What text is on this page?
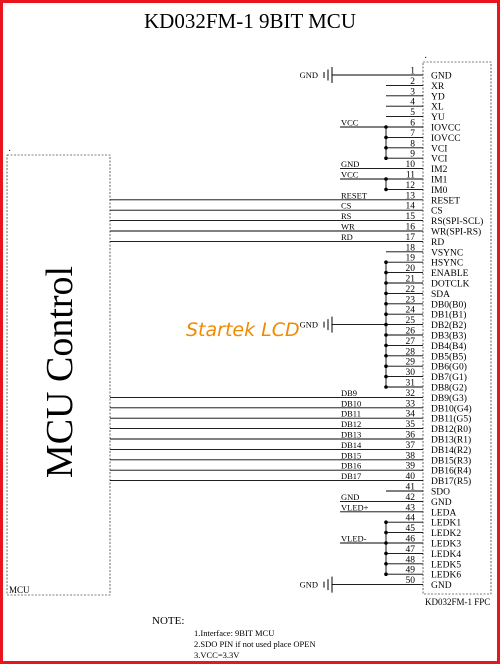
KD032FM-1 9BIT MCU
·
MCU Control
MCU
·
KD032FM-1 FPC
1 GND
2 XR
3 YD
4 XL
5 YU
6 IOVCC
7 IOVCC
8 VCI
9 VCI
10 IM2
11 IM1
12 IM0
13 RESET
14 CS
15 RS(SPI-SCL)
16 WR(SPI-RS)
17 RD
18 VSYNC
19 HSYNC
20 ENABLE
21 DOTCLK
22 SDA
23 DB0(B0)
24 DB1(B1)
25 DB2(B2)
26 DB3(B3)
27 DB4(B4)
28 DB5(B5)
29 DB6(G0)
30 DB7(G1)
31 DB8(G2)
32 DB9(G3)
33 DB10(G4)
34 DB11(G5)
35 DB12(R0)
36 DB13(R1)
37 DB14(R2)
38 DB15(R3)
39 DB16(R4)
40 DB17(R5)
41 SDO
42 GND
43 LEDA
44 LEDK1
45 LEDK2
46 LEDK3
47 LEDK4
48 LEDK5
49 LEDK6
50 GND
RESET
CS
RS
WR
RD
DB9
DB10
DB11
DB12
DB13
DB14
DB15
DB16
DB17
GND
VCC
GND
VCC
GND
GND
VLED+
VLED-
GND
Startek LCD
NOTE:
1.Interface: 9BIT MCU
2.SDO PIN if not used place OPEN
3.VCC=3.3V
